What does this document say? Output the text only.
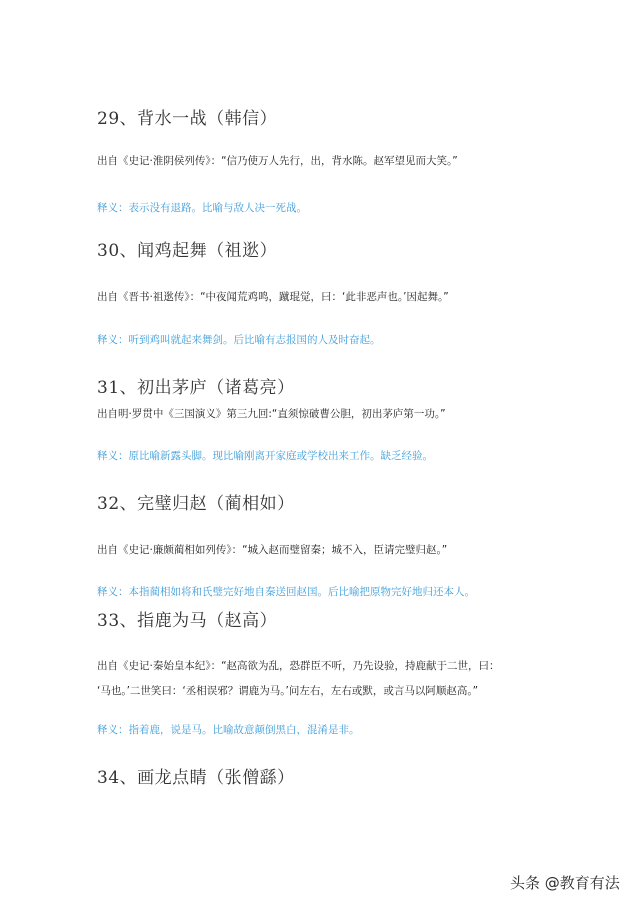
29、背水一战（韩信）
出自《史记·淮阴侯列传》：“信乃使万人先行，出，背水陈。赵军望见而大笑。”
释义：表示没有退路。比喻与敌人决一死战。
30、闻鸡起舞（祖逖）
出自《晋书·祖逖传》：“中夜闻荒鸡鸣，蹴琨觉，曰：‘此非恶声也。’因起舞。”
释义：听到鸡叫就起来舞剑。后比喻有志报国的人及时奋起。
31、初出茅庐（诸葛亮）
出自明·罗贯中《三国演义》第三九回:“直须惊破曹公胆，初出茅庐第一功。”
释义：原比喻新露头脚。现比喻刚离开家庭或学校出来工作。缺乏经验。
32、完璧归赵（蔺相如）
出自《史记·廉颇蔺相如列传》：“城入赵而璧留秦；城不入，臣请完璧归赵。”
释义：本指蔺相如将和氏璧完好地自秦送回赵国。后比喻把原物完好地归还本人。
33、指鹿为马（赵高）
出自《史记·秦始皇本纪》：“赵高欲为乱，恐群臣不听，乃先设验，持鹿献于二世，曰：
‘马也。’二世笑曰：‘丞相误邪？谓鹿为马。’问左右，左右或默，或言马以阿顺赵高。”
释义：指着鹿，说是马。比喻故意颠倒黑白，混淆是非。
34、画龙点睛（张僧繇）
头条 @教育有法
